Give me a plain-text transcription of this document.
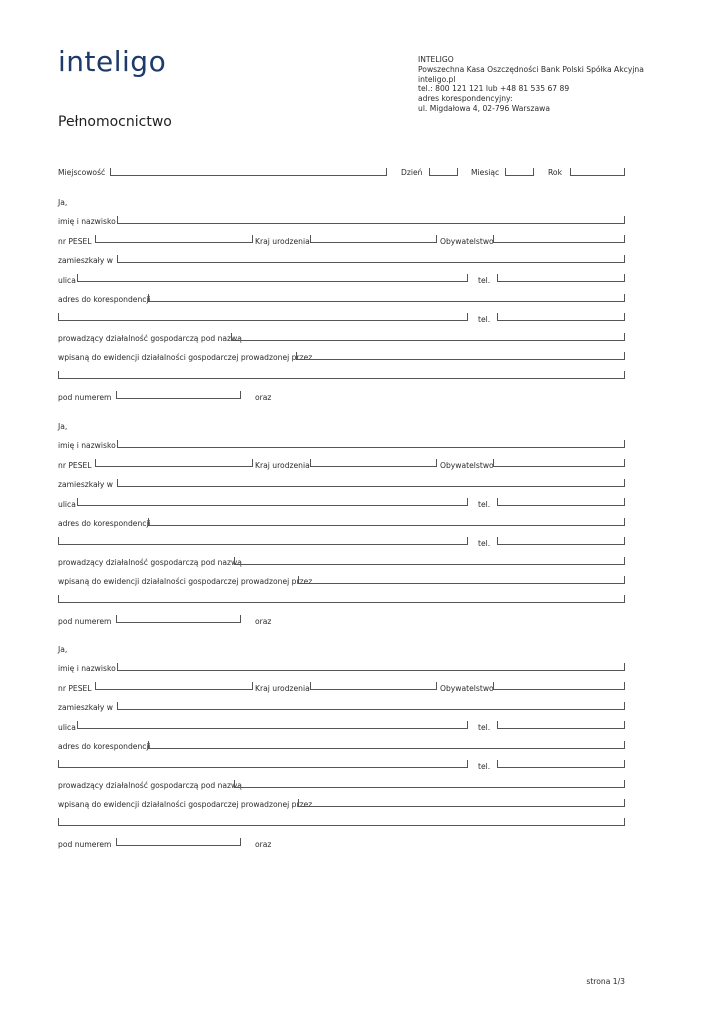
inteligo	INTELIGO
Powszechna Kasa Oszczędności Bank Polski Spółka Akcyjna
inteligo.pl
tel.: 800 121 121 lub +48 81 535 67 89
adres korespondencyjny:
ul. Migdałowa 4, 02-796 Warszawa
Pełnomocnictwo
Miejscowość	Dzień	Miesiąc	Rok
Ja,
imię i nazwisko
nr PESEL	Kraj urodzenia	Obywatelstwo
zamieszkały w
ulica	tel.
adres do korespondencji
tel.
prowadzący działalność gospodarczą pod nazwą
wpisaną do ewidencji działalności gospodarczej prowadzonej przez
pod numerem	oraz
Ja,
imię i nazwisko
nr PESEL	Kraj urodzenia	Obywatelstwo
zamieszkały w
ulica	tel.
adres do korespondencji
tel.
prowadzący działalność gospodarczą pod nazwą
wpisaną do ewidencji działalności gospodarczej prowadzonej przez
pod numerem	oraz
Ja,
imię i nazwisko
nr PESEL	Kraj urodzenia	Obywatelstwo
zamieszkały w
ulica	tel.
adres do korespondencji
tel.
prowadzący działalność gospodarczą pod nazwą
wpisaną do ewidencji działalności gospodarczej prowadzonej przez
pod numerem	oraz
strona 1/3
